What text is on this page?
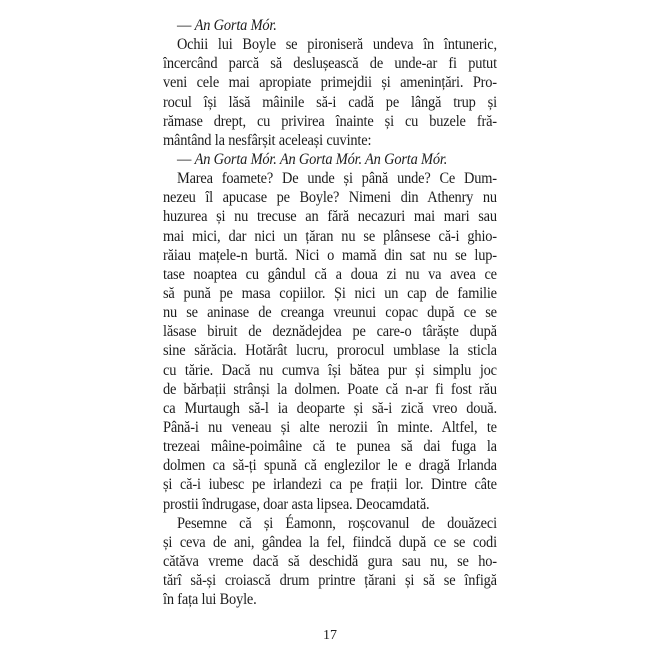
— An Gorta Mór.
Ochii lui Boyle se pironiseră undeva în întuneric,
încercând parcă să deslușească de unde-ar fi putut
veni cele mai apropiate primejdii și amenințări. Pro-
rocul își lăsă mâinile să-i cadă pe lângă trup și
rămase drept, cu privirea înainte și cu buzele fră-
mântând la nesfârșit aceleași cuvinte:
— An Gorta Mór. An Gorta Mór. An Gorta Mór.
Marea foamete? De unde și până unde? Ce Dum-
nezeu îl apucase pe Boyle? Nimeni din Athenry nu
huzurea și nu trecuse an fără necazuri mai mari sau
mai mici, dar nici un țăran nu se plânsese că-i ghio-
răiau mațele-n burtă. Nici o mamă din sat nu se lup-
tase noaptea cu gândul că a doua zi nu va avea ce
să pună pe masa copiilor. Și nici un cap de familie
nu se aninase de creanga vreunui copac după ce se
lăsase biruit de deznădejdea pe care-o târăște după
sine sărăcia. Hotărât lucru, prorocul umblase la sticla
cu tărie. Dacă nu cumva își bătea pur și simplu joc
de bărbații strânși la dolmen. Poate că n-ar fi fost rău
ca Murtaugh să-l ia deoparte și să-i zică vreo două.
Până-i nu veneau și alte nerozii în minte. Altfel, te
trezeai mâine-poimâine că te punea să dai fuga la
dolmen ca să-ți spună că englezilor le e dragă Irlanda
și că-i iubesc pe irlandezi ca pe frații lor. Dintre câte
prostii îndrugase, doar asta lipsea. Deocamdată.
Pesemne că și Éamonn, roșcovanul de douăzeci
și ceva de ani, gândea la fel, fiindcă după ce se codi
cătăva vreme dacă să deschidă gura sau nu, se ho-
tărî să-și croiască drum printre țărani și să se înfigă
în fața lui Boyle.
17
